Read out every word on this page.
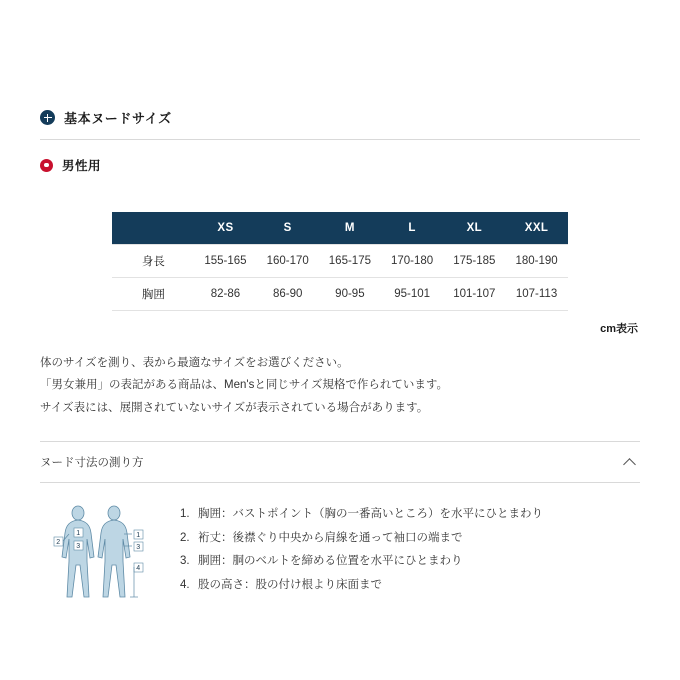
基本ヌードサイズ
男性用
	XS	S	M	L	XL	XXL
身長	155-165	160-170	165-175	170-180	175-185	180-190
胸囲	82-86	86-90	90-95	95-101	101-107	107-113
cm表示
体のサイズを測り、表から最適なサイズをお選びください。
「男女兼用」の表記がある商品は、Men'sと同じサイズ規格で作られています。
サイズ表には、展開されていないサイズが表示されている場合があります。
ヌード寸法の測り方
1
2
3
1
3
4
1. 胸囲：バストポイント（胸の一番高いところ）を水平にひとまわり
2. 裄丈：後襟ぐり中央から肩線を通って袖口の端まで
3. 胴囲：胴のベルトを締める位置を水平にひとまわり
4. 股の高さ：股の付け根より床面まで
